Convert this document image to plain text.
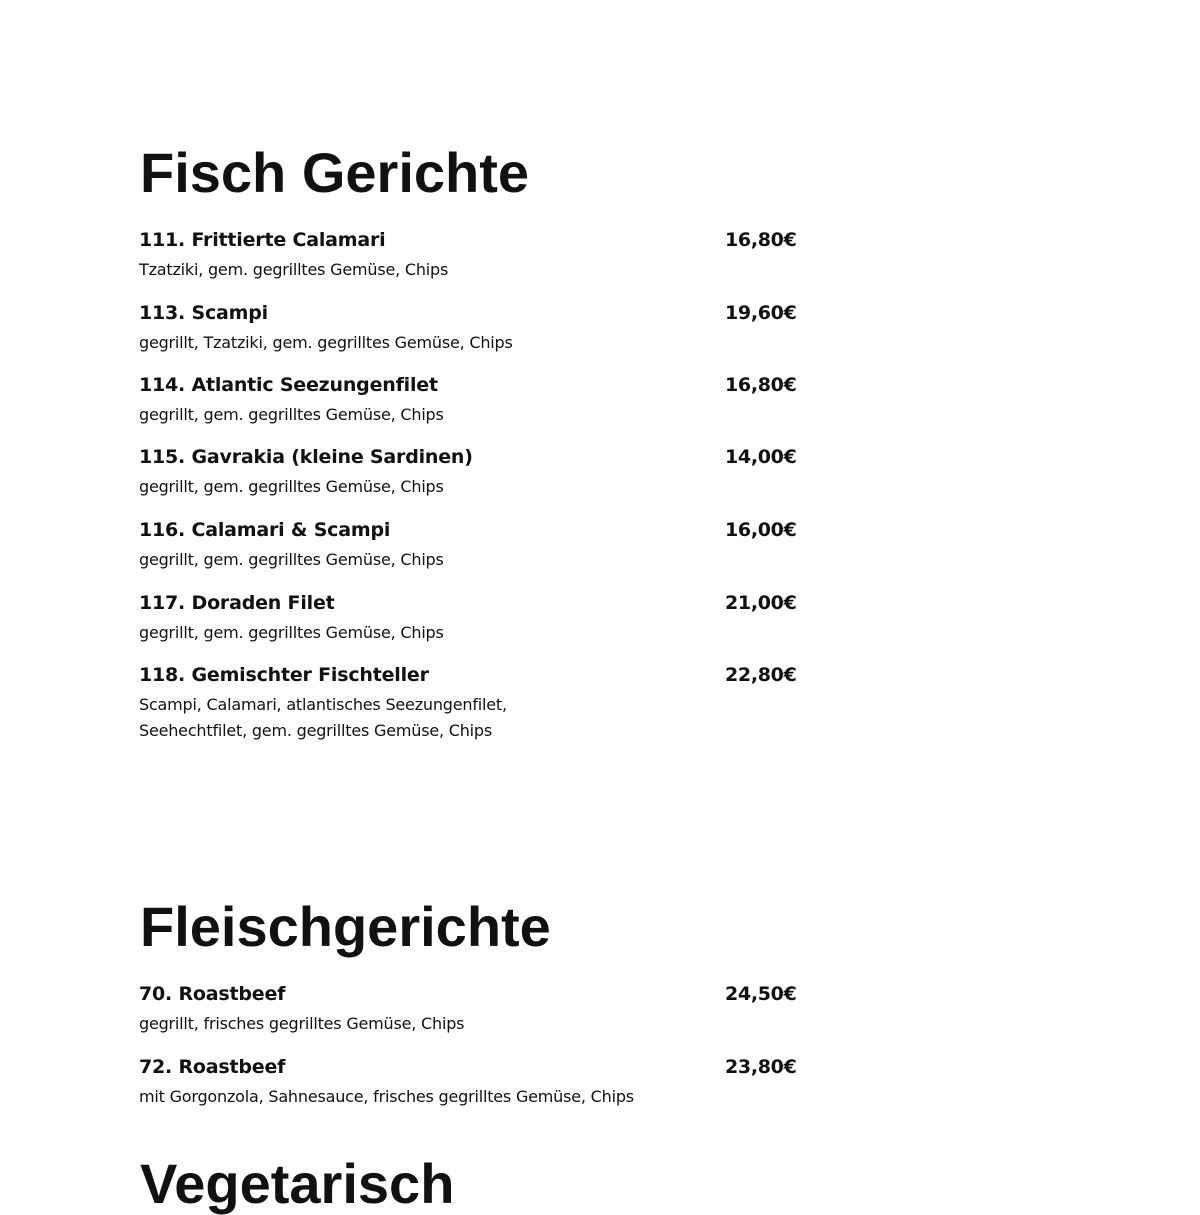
Fisch Gerichte
111. Frittierte Calamari	16,80€
Tzatziki, gem. gegrilltes Gemüse, Chips
113. Scampi	19,60€
gegrillt, Tzatziki, gem. gegrilltes Gemüse, Chips
114. Atlantic Seezungenfilet	16,80€
gegrillt, gem. gegrilltes Gemüse, Chips
115. Gavrakia (kleine Sardinen)	14,00€
gegrillt, gem. gegrilltes Gemüse, Chips
116. Calamari & Scampi	16,00€
gegrillt, gem. gegrilltes Gemüse, Chips
117. Doraden Filet	21,00€
gegrillt, gem. gegrilltes Gemüse, Chips
118. Gemischter Fischteller	22,80€
Scampi, Calamari, atlantisches Seezungenfilet,
Seehechtfilet, gem. gegrilltes Gemüse, Chips
Fleischgerichte
70. Roastbeef	24,50€
gegrillt, frisches gegrilltes Gemüse, Chips
72. Roastbeef	23,80€
mit Gorgonzola, Sahnesauce, frisches gegrilltes Gemüse, Chips
Vegetarisch
